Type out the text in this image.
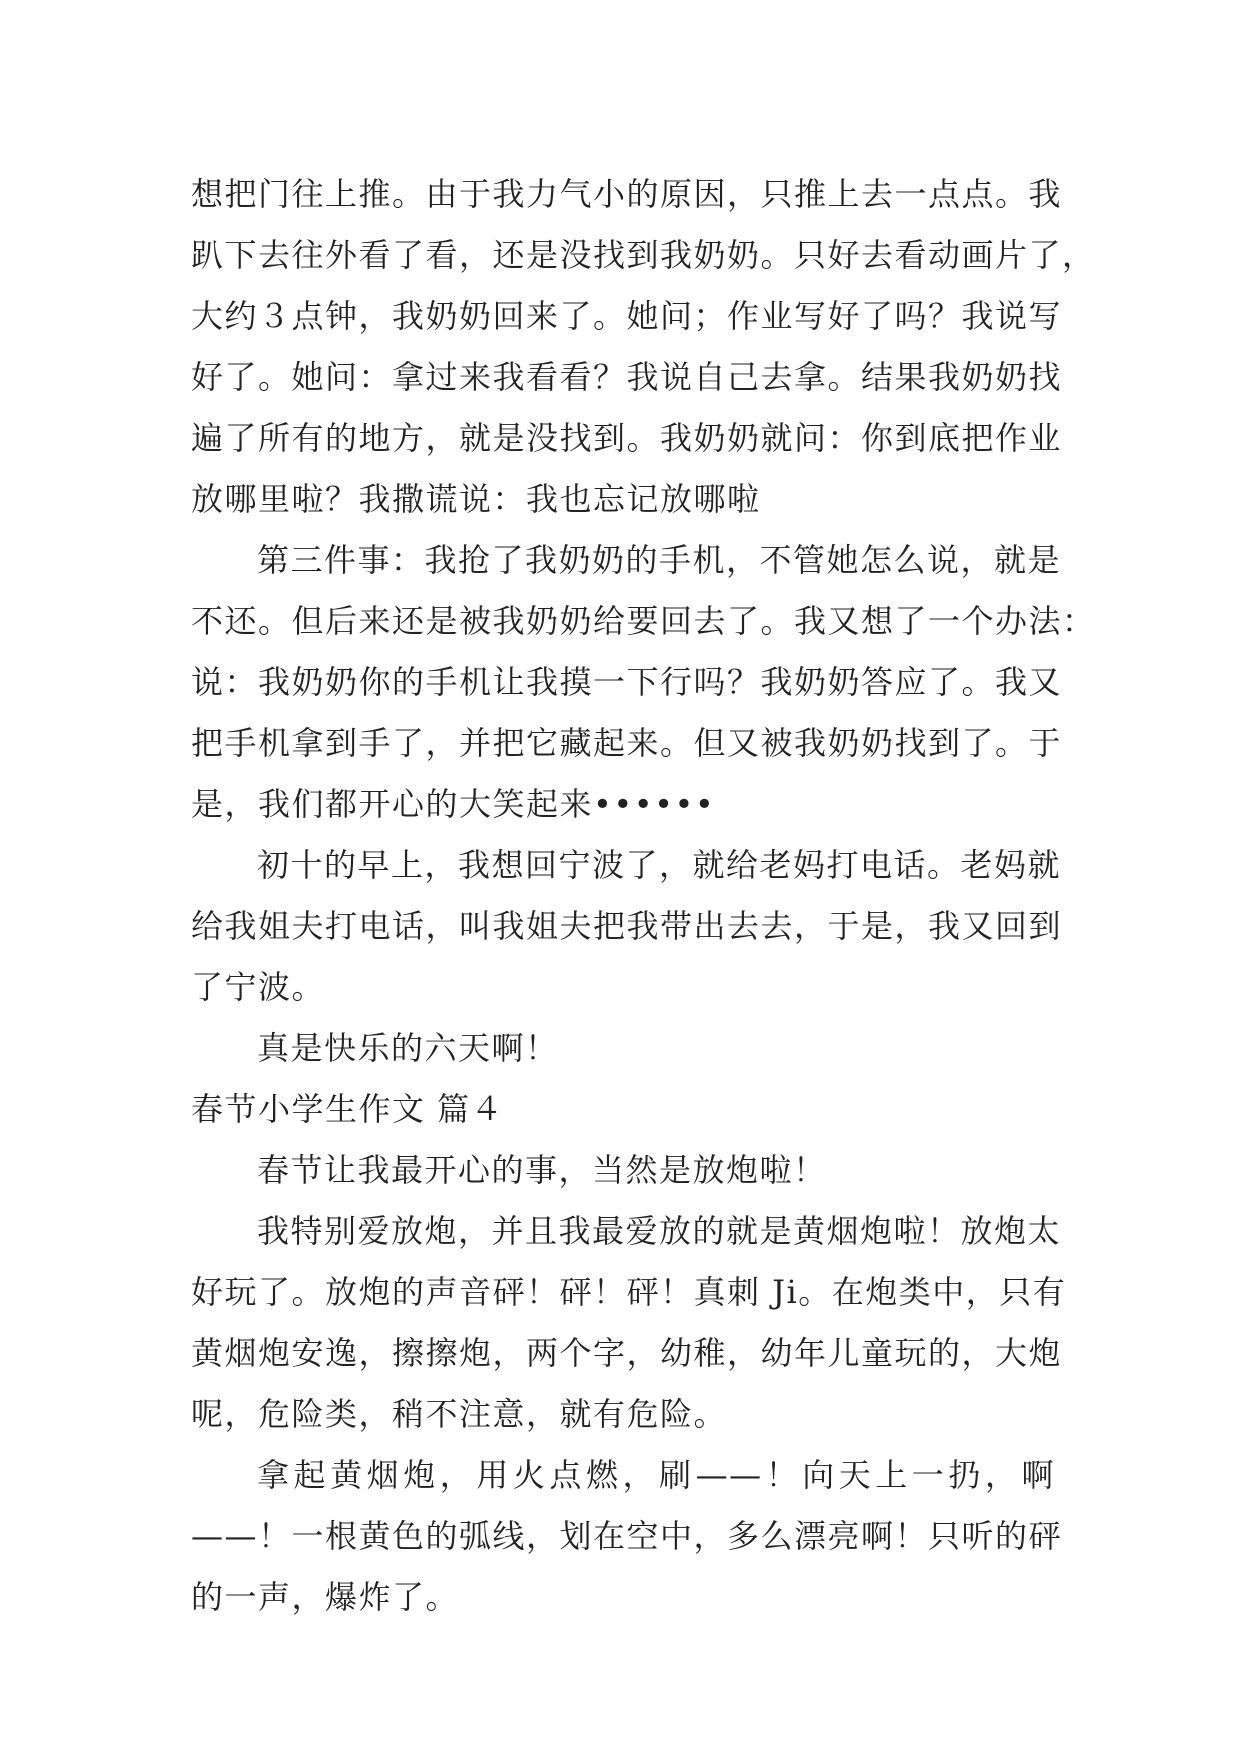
想把门往上推。由于我力气小的原因，只推上去一点点。我
趴下去往外看了看，还是没找到我奶奶。只好去看动画片了，
大约３点钟，我奶奶回来了。她问；作业写好了吗？我说写
好了。她问：拿过来我看看？我说自己去拿。结果我奶奶找
遍了所有的地方，就是没找到。我奶奶就问：你到底把作业
放哪里啦？我撒谎说：我也忘记放哪啦
第三件事：我抢了我奶奶的手机，不管她怎么说，就是
不还。但后来还是被我奶奶给要回去了。我又想了一个办法：
说：我奶奶你的手机让我摸一下行吗？我奶奶答应了。我又
把手机拿到手了，并把它藏起来。但又被我奶奶找到了。于
是，我们都开心的大笑起来••••••
初十的早上，我想回宁波了，就给老妈打电话。老妈就
给我姐夫打电话，叫我姐夫把我带出去去，于是，我又回到
了宁波。
真是快乐的六天啊！
春节小学生作文 篇４
春节让我最开心的事，当然是放炮啦！
我特别爱放炮，并且我最爱放的就是黄烟炮啦！放炮太
好玩了。放炮的声音砰！砰！砰！真刺 Ji。在炮类中，只有
黄烟炮安逸，擦擦炮，两个字，幼稚，幼年儿童玩的，大炮
呢，危险类，稍不注意，就有危险。
拿起黄烟炮，用火点燃，刷——！向天上一扔，啊
——！一根黄色的弧线，划在空中，多么漂亮啊！只听的砰
的一声，爆炸了。
